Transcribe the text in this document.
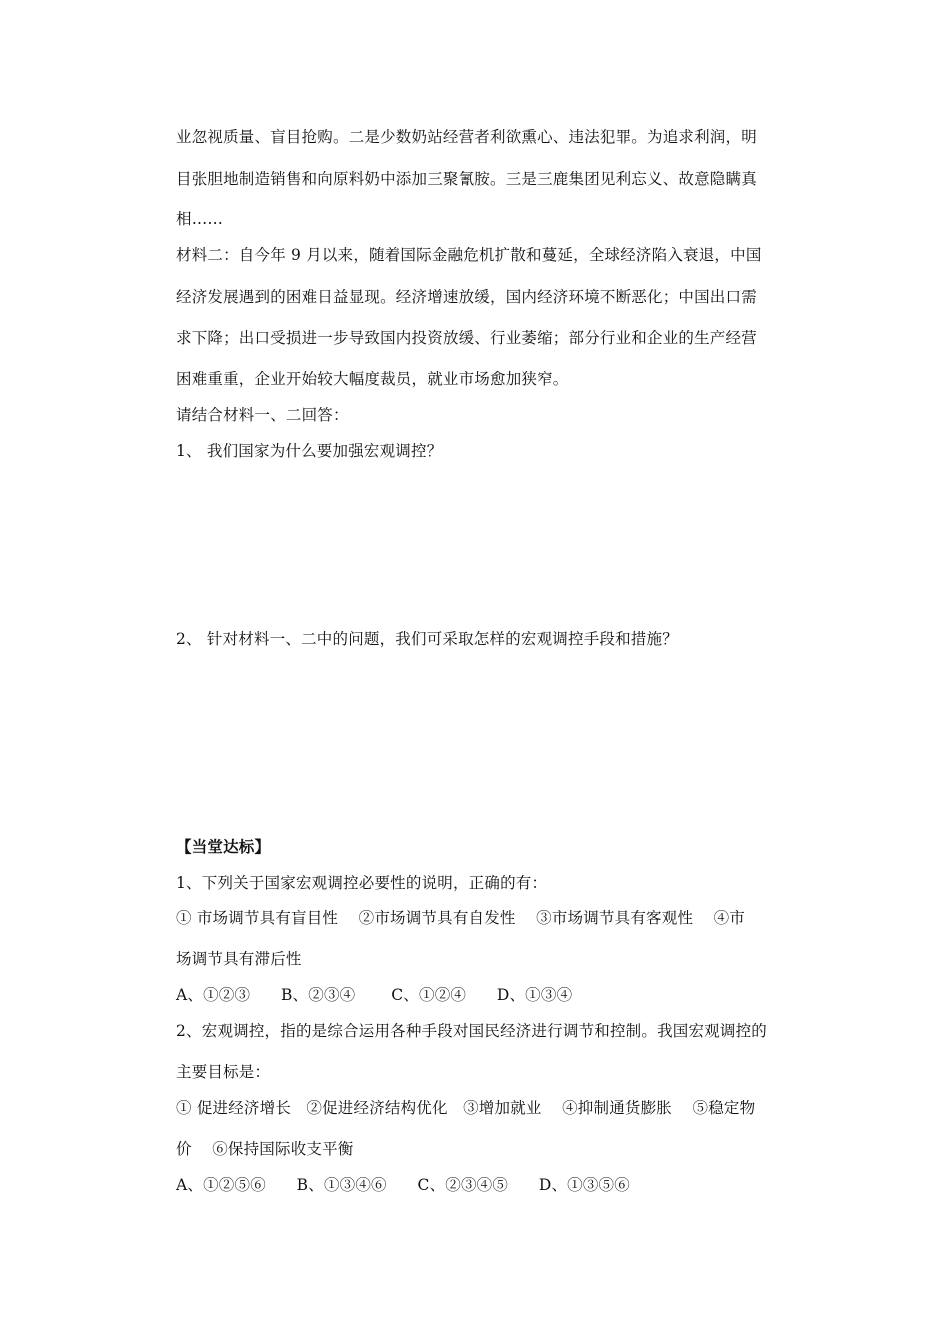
业忽视质量、盲目抢购。二是少数奶站经营者利欲熏心、违法犯罪。为追求利润，明
目张胆地制造销售和向原料奶中添加三聚氰胺。三是三鹿集团见利忘义、故意隐瞒真
相……
材料二：自今年 9 月以来，随着国际金融危机扩散和蔓延，全球经济陷入衰退，中国
经济发展遇到的困难日益显现。经济增速放缓，国内经济环境不断恶化；中国出口需
求下降；出口受损进一步导致国内投资放缓、行业萎缩；部分行业和企业的生产经营
困难重重，企业开始较大幅度裁员，就业市场愈加狭窄。
请结合材料一、二回答：
1、 我们国家为什么要加强宏观调控？
2、 针对材料一、二中的问题，我们可采取怎样的宏观调控手段和措施？
【当堂达标】
1、下列关于国家宏观调控必要性的说明，正确的有：
① 市场调节具有盲目性    ②市场调节具有自发性    ③市场调节具有客观性    ④市
场调节具有滞后性
A、①②③      B、②③④       C、①②④      D、①③④
2、宏观调控，指的是综合运用各种手段对国民经济进行调节和控制。我国宏观调控的
主要目标是：
① 促进经济增长   ②促进经济结构优化   ③增加就业    ④抑制通货膨胀    ⑤稳定物
价    ⑥保持国际收支平衡
A、①②⑤⑥      B、①③④⑥      C、②③④⑤      D、①③⑤⑥
